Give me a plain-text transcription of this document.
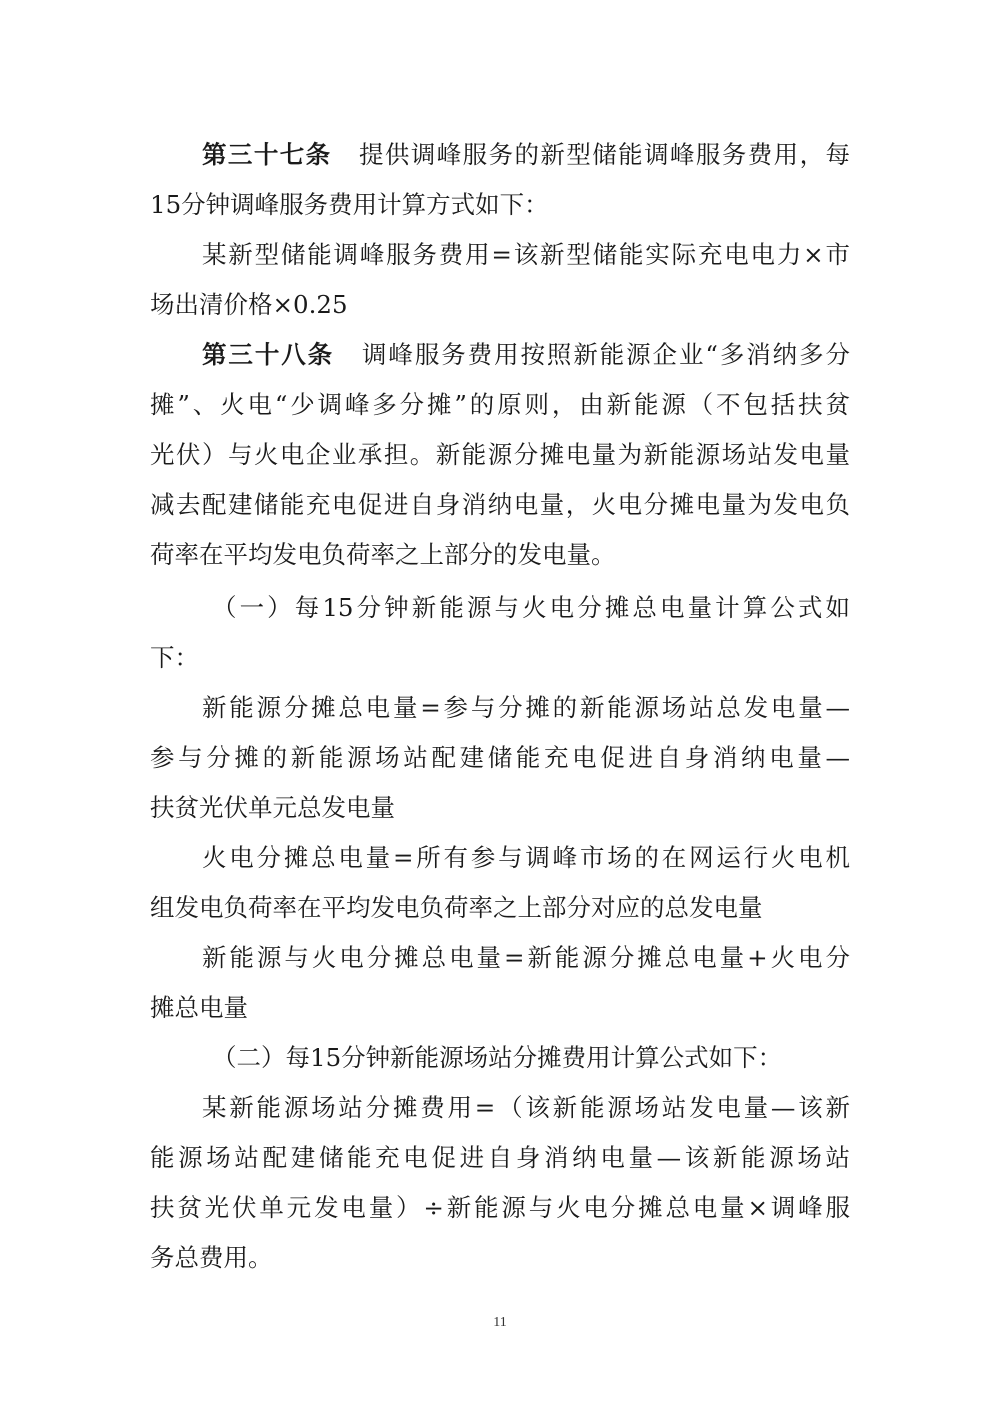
第三十七条 提供调峰服务的新型储能调峰服务费用，每
15分钟调峰服务费用计算方式如下：
某新型储能调峰服务费用=该新型储能实际充电电力×市
场出清价格×0.25
第三十八条 调峰服务费用按照新能源企业“多消纳多分
摊”、火电“少调峰多分摊”的原则，由新能源（不包括扶贫
光伏）与火电企业承担。新能源分摊电量为新能源场站发电量
减去配建储能充电促进自身消纳电量，火电分摊电量为发电负
荷率在平均发电负荷率之上部分的发电量。
（一）每15分钟新能源与火电分摊总电量计算公式如
下：
新能源分摊总电量=参与分摊的新能源场站总发电量—
参与分摊的新能源场站配建储能充电促进自身消纳电量—
扶贫光伏单元总发电量
火电分摊总电量=所有参与调峰市场的在网运行火电机
组发电负荷率在平均发电负荷率之上部分对应的总发电量
新能源与火电分摊总电量=新能源分摊总电量+火电分
摊总电量
（二）每15分钟新能源场站分摊费用计算公式如下：
某新能源场站分摊费用=（该新能源场站发电量—该新
能源场站配建储能充电促进自身消纳电量—该新能源场站
扶贫光伏单元发电量）÷新能源与火电分摊总电量×调峰服
务总费用。
11
